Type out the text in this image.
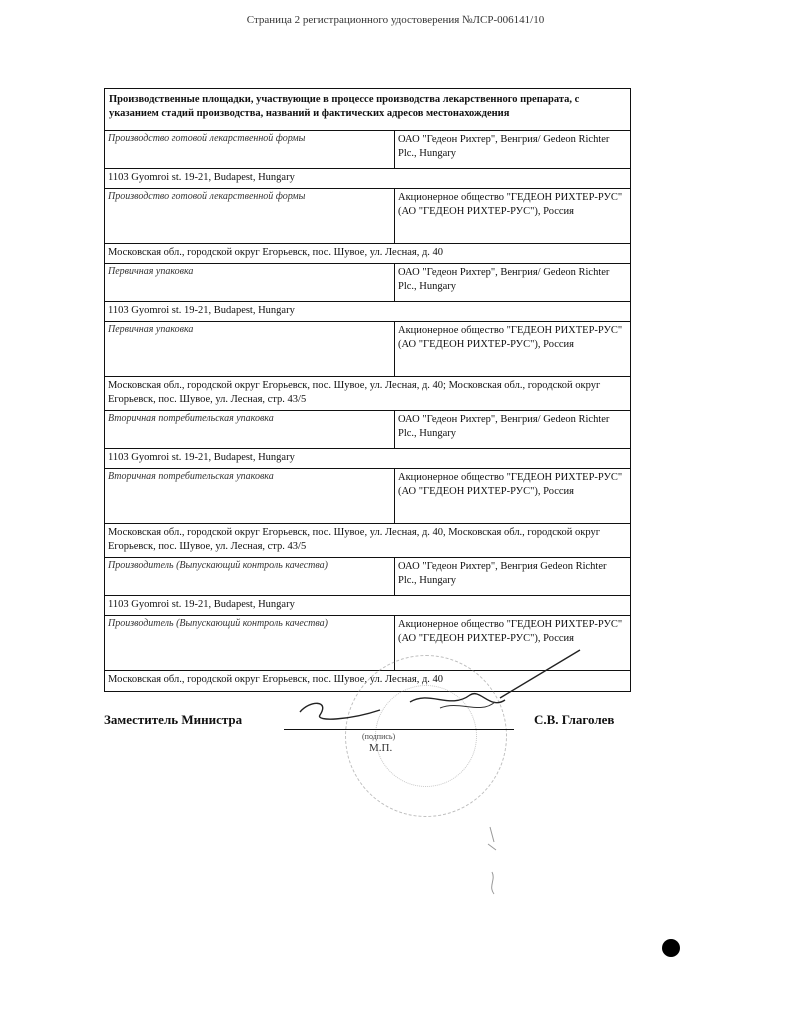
Страница 2 регистрационного удостоверения №ЛСР-006141/10
Производственные площадки, участвующие в процессе производства лекарственного препарата, с указанием стадий производства, названий и фактических адресов местонахождения
Производство готовой лекарственной формы	ОАО "Гедеон Рихтер", Венгрия/ Gedeon Richter Plc., Hungary
1103 Gyomroi st. 19-21, Budapest, Hungary
Производство готовой лекарственной формы	Акционерное общество "ГЕДЕОН РИХТЕР-РУС" (АО "ГЕДЕОН РИХТЕР-РУС"), Россия
Московская обл., городской округ Егорьевск, пос. Шувое, ул. Лесная, д. 40
Первичная упаковка	ОАО "Гедеон Рихтер", Венгрия/ Gedeon Richter Plc., Hungary
1103 Gyomroi st. 19-21, Budapest, Hungary
Первичная упаковка	Акционерное общество "ГЕДЕОН РИХТЕР-РУС" (АО "ГЕДЕОН РИХТЕР-РУС"), Россия
Московская обл., городской округ Егорьевск, пос. Шувое, ул. Лесная, д. 40; Московская обл., городской округ Егорьевск, пос. Шувое, ул. Лесная, стр. 43/5
Вторичная потребительская упаковка	ОАО "Гедеон Рихтер", Венгрия/ Gedeon Richter Plc., Hungary
1103 Gyomroi st. 19-21, Budapest, Hungary
Вторичная потребительская упаковка	Акционерное общество "ГЕДЕОН РИХТЕР-РУС" (АО "ГЕДЕОН РИХТЕР-РУС"), Россия
Московская обл., городской округ Егорьевск, пос. Шувое, ул. Лесная, д. 40, Московская обл., городской округ Егорьевск, пос. Шувое, ул. Лесная, стр. 43/5
Производитель (Выпускающий контроль качества)	ОАО "Гедеон Рихтер", Венгрия Gedeon Richter Plc., Hungary
1103 Gyomroi st. 19-21, Budapest, Hungary
Производитель (Выпускающий контроль качества)	Акционерное общество "ГЕДЕОН РИХТЕР-РУС" (АО "ГЕДЕОН РИХТЕР-РУС"), Россия
Московская обл., городской округ Егорьевск, пос. Шувое, ул. Лесная, д. 40
Заместитель Министра
(подпись)
М.П.
С.В. Глаголев
